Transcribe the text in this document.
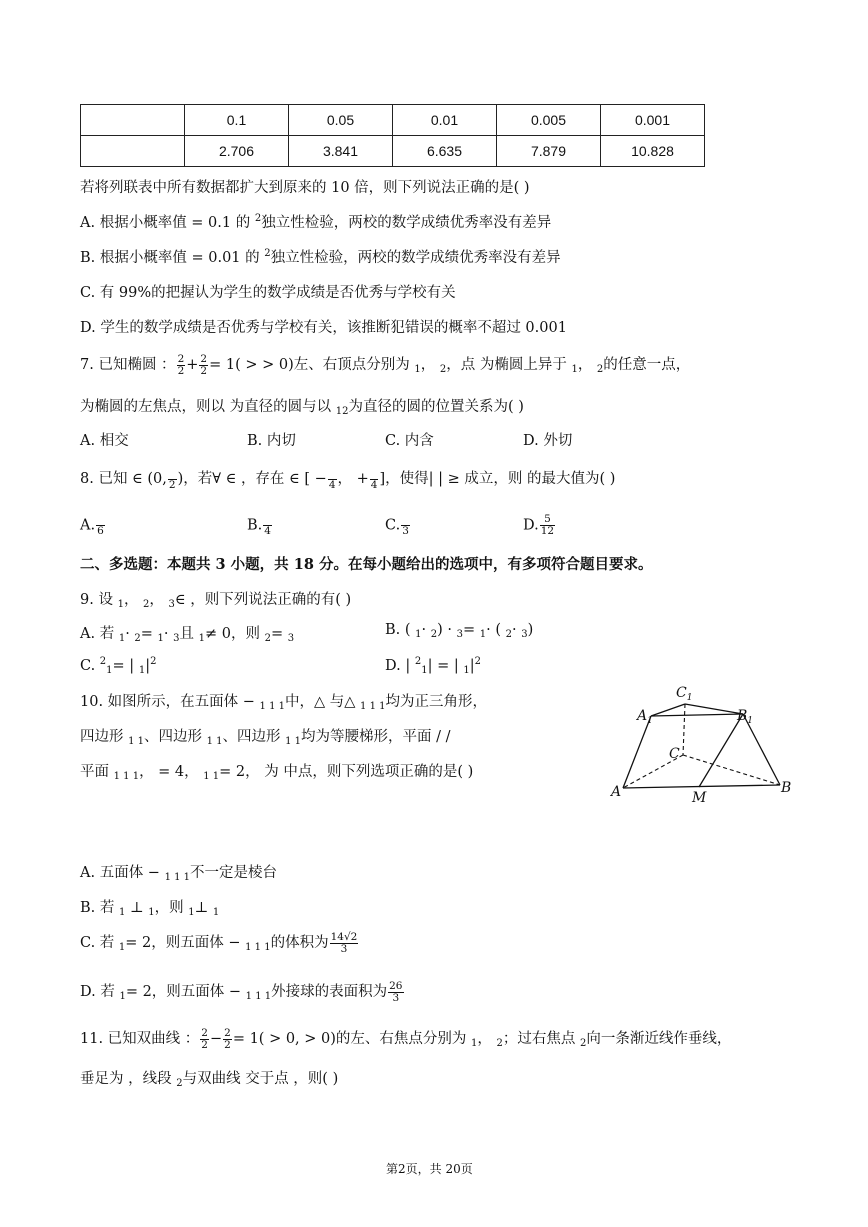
	0.1	0.05	0.01	0.005	0.001
	2.706	3.841	6.635	7.879	10.828
若将列联表中所有数据都扩大到原来的 10 倍，则下列说法正确的是( )
A. 根据小概率值 = 0.1 的 $^2$独立性检验，两校的数学成绩优秀率没有差异
B. 根据小概率值 = 0.01 的 $^2$独立性检验，两校的数学成绩优秀率没有差异
C. 有 99%的把握认为学生的数学成绩是否优秀与学校有关
D. 学生的数学成绩是否优秀与学校有关，该推断犯错误的概率不超过 0.001
7. 已知椭圆 ： $\frac{2}{2} + \frac{2}{2} = 1$( > > 0)左、右顶点分别为 $_1$， $_2$，点 为椭圆上异于 $_1$， $_2$的任意一点，
为椭圆的左焦点，则以 为直径的圆与以 $_{12}$为直径的圆的位置关系为( )
A. 相交	B. 内切	C. 内含	D. 外切
8. 已知 ∈ (0,
2 )，若∀ ∈ ，存在 ∈ [ −
4 ， +
4 ]，使得| | ≥ 成立，则 的最大值为( )
A.
6	B.
4	C.
3	D. $\frac{5}{12}$
二、多选题：本题共 3 小题，共 18 分。在每小题给出的选项中，有多项符合题目要求。
9. 设 $_1$， $_2$， $_3$∈ ，则下列说法正确的有( )
A. 若 $_1$· $_2$= $_1$· $_3$且 $_1$≠ 0，则 $_2$= $_3$
B. ( $_1$· $_2$) · $_3$= $_1$· ( $_2$· $_3$)
C. $^2_1$= | $_1|^2$	D. | $^2_1$| = | $_1|^2$
10. 如图所示，在五面体 − $_{1 1 1}$中，△ 与△ $_{1 1 1}$均为正三角形，
四边形 $_{1 1}$、四边形 $_{1 1}$、四边形 $_{1 1}$均为等腰梯形，平面 / /
平面 $_{1 1 1}$， = 4， $_{1 1}$= 2， 为 中点，则下列选项正确的是( )
$C_1$
$A_1$	$B_1$
C
A	M
B
A. 五面体 − $_{1 1 1}$不一定是棱台
B. 若 $_1$ ⊥ $_1$，则 $_1$⊥ $_1$
C. 若 $_1$= 2，则五面体 − $_{1 1 1}$的体积为 $\frac{14√2}{3}$
D. 若 $_1$= 2，则五面体 − $_{1 1 1}$外接球的表面积为 $\frac{26}{3}$
11. 已知双曲线 ： $\frac{2}{2} - \frac{2}{2} = 1( > 0$, > 0)的左、右焦点分别为 $_1$， $_2$；过右焦点 $_2$向一条渐近线作垂线，
垂足为 ，线段 $_2$与双曲线 交于点 ，则( )
第2页，共 20页
